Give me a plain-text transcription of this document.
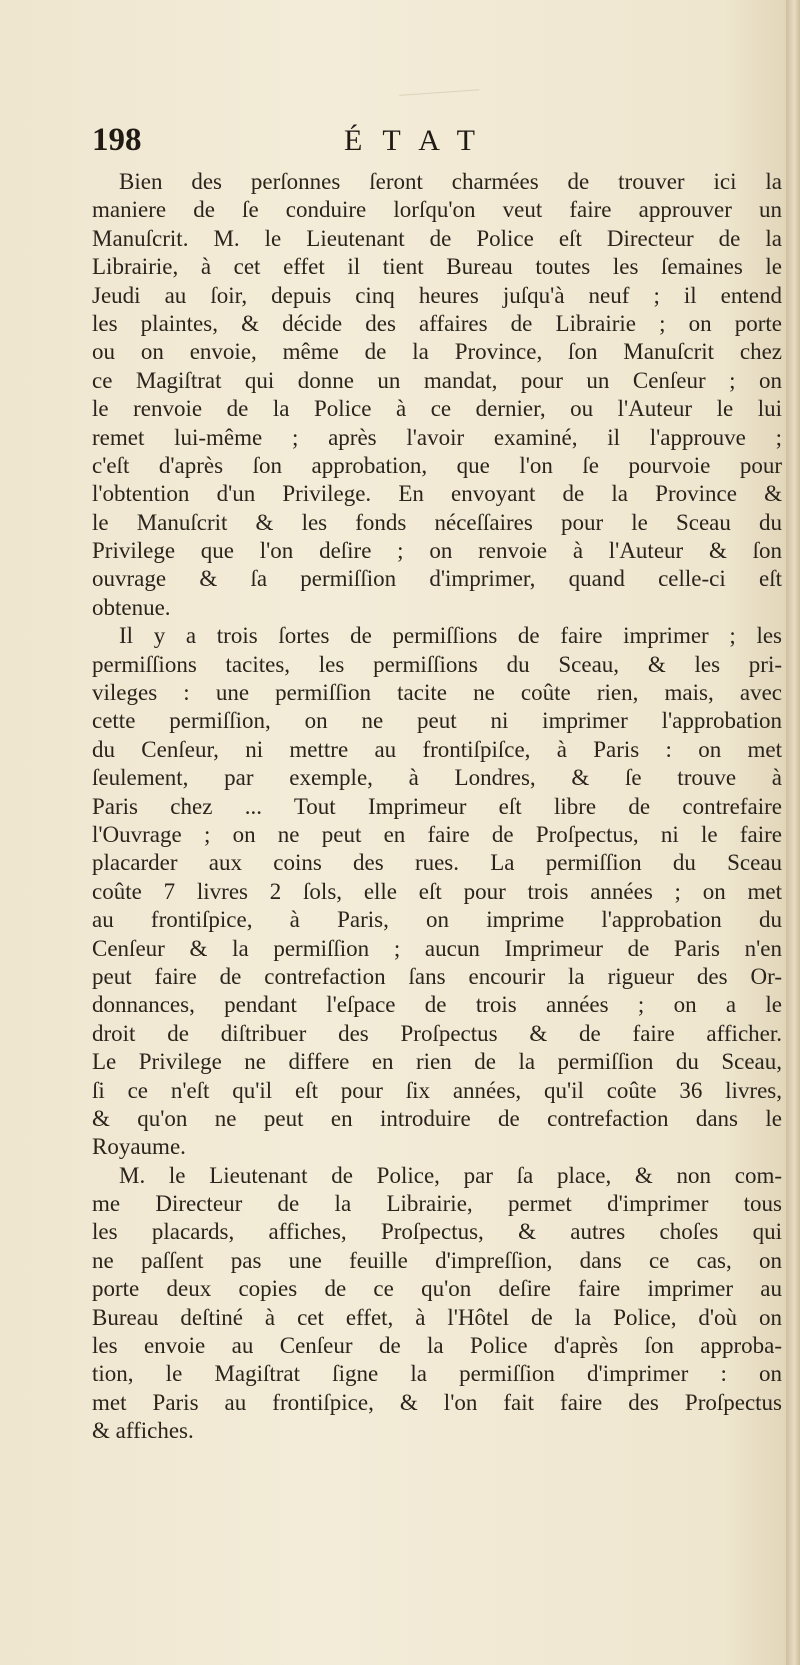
198	ÉTAT
Bien des perſonnes ſeront charmées de trouver ici la
maniere de ſe conduire lorſqu'on veut faire approuver un
Manuſcrit. M. le Lieutenant de Police eſt Directeur de la
Librairie, à cet effet il tient Bureau toutes les ſemaines le
Jeudi au ſoir, depuis cinq heures juſqu'à neuf ; il entend
les plaintes, & décide des affaires de Librairie ; on porte
ou on envoie, même de la Province, ſon Manuſcrit chez
ce Magiſtrat qui donne un mandat, pour un Cenſeur ; on
le renvoie de la Police à ce dernier, ou l'Auteur le lui
remet lui-même ; après l'avoir examiné, il l'approuve ;
c'eſt d'après ſon approbation, que l'on ſe pourvoie pour
l'obtention d'un Privilege. En envoyant de la Province &
le Manuſcrit & les fonds néceſſaires pour le Sceau du
Privilege que l'on deſire ; on renvoie à l'Auteur & ſon
ouvrage & ſa permiſſion d'imprimer, quand celle-ci eſt
obtenue.
Il y a trois ſortes de permiſſions de faire imprimer ; les
permiſſions tacites, les permiſſions du Sceau, & les pri-
vileges : une permiſſion tacite ne coûte rien, mais, avec
cette permiſſion, on ne peut ni imprimer l'approbation
du Cenſeur, ni mettre au frontiſpiſce, à Paris : on met
ſeulement, par exemple, à Londres, & ſe trouve à
Paris chez ... Tout Imprimeur eſt libre de contrefaire
l'Ouvrage ; on ne peut en faire de Proſpectus, ni le faire
placarder aux coins des rues. La permiſſion du Sceau
coûte 7 livres 2 ſols, elle eſt pour trois années ; on met
au frontiſpice, à Paris, on imprime l'approbation du
Cenſeur & la permiſſion ; aucun Imprimeur de Paris n'en
peut faire de contrefaction ſans encourir la rigueur des Or-
donnances, pendant l'eſpace de trois années ; on a le
droit de diſtribuer des Proſpectus & de faire afficher.
Le Privilege ne differe en rien de la permiſſion du Sceau,
ſi ce n'eſt qu'il eſt pour ſix années, qu'il coûte 36 livres,
& qu'on ne peut en introduire de contrefaction dans le
Royaume.
M. le Lieutenant de Police, par ſa place, & non com-
me Directeur de la Librairie, permet d'imprimer tous
les placards, affiches, Proſpectus, & autres choſes qui
ne paſſent pas une feuille d'impreſſion, dans ce cas, on
porte deux copies de ce qu'on deſire faire imprimer au
Bureau deſtiné à cet effet, à l'Hôtel de la Police, d'où on
les envoie au Cenſeur de la Police d'après ſon approba-
tion, le Magiſtrat ſigne la permiſſion d'imprimer : on
met Paris au frontiſpice, & l'on fait faire des Proſpectus
& affiches.
